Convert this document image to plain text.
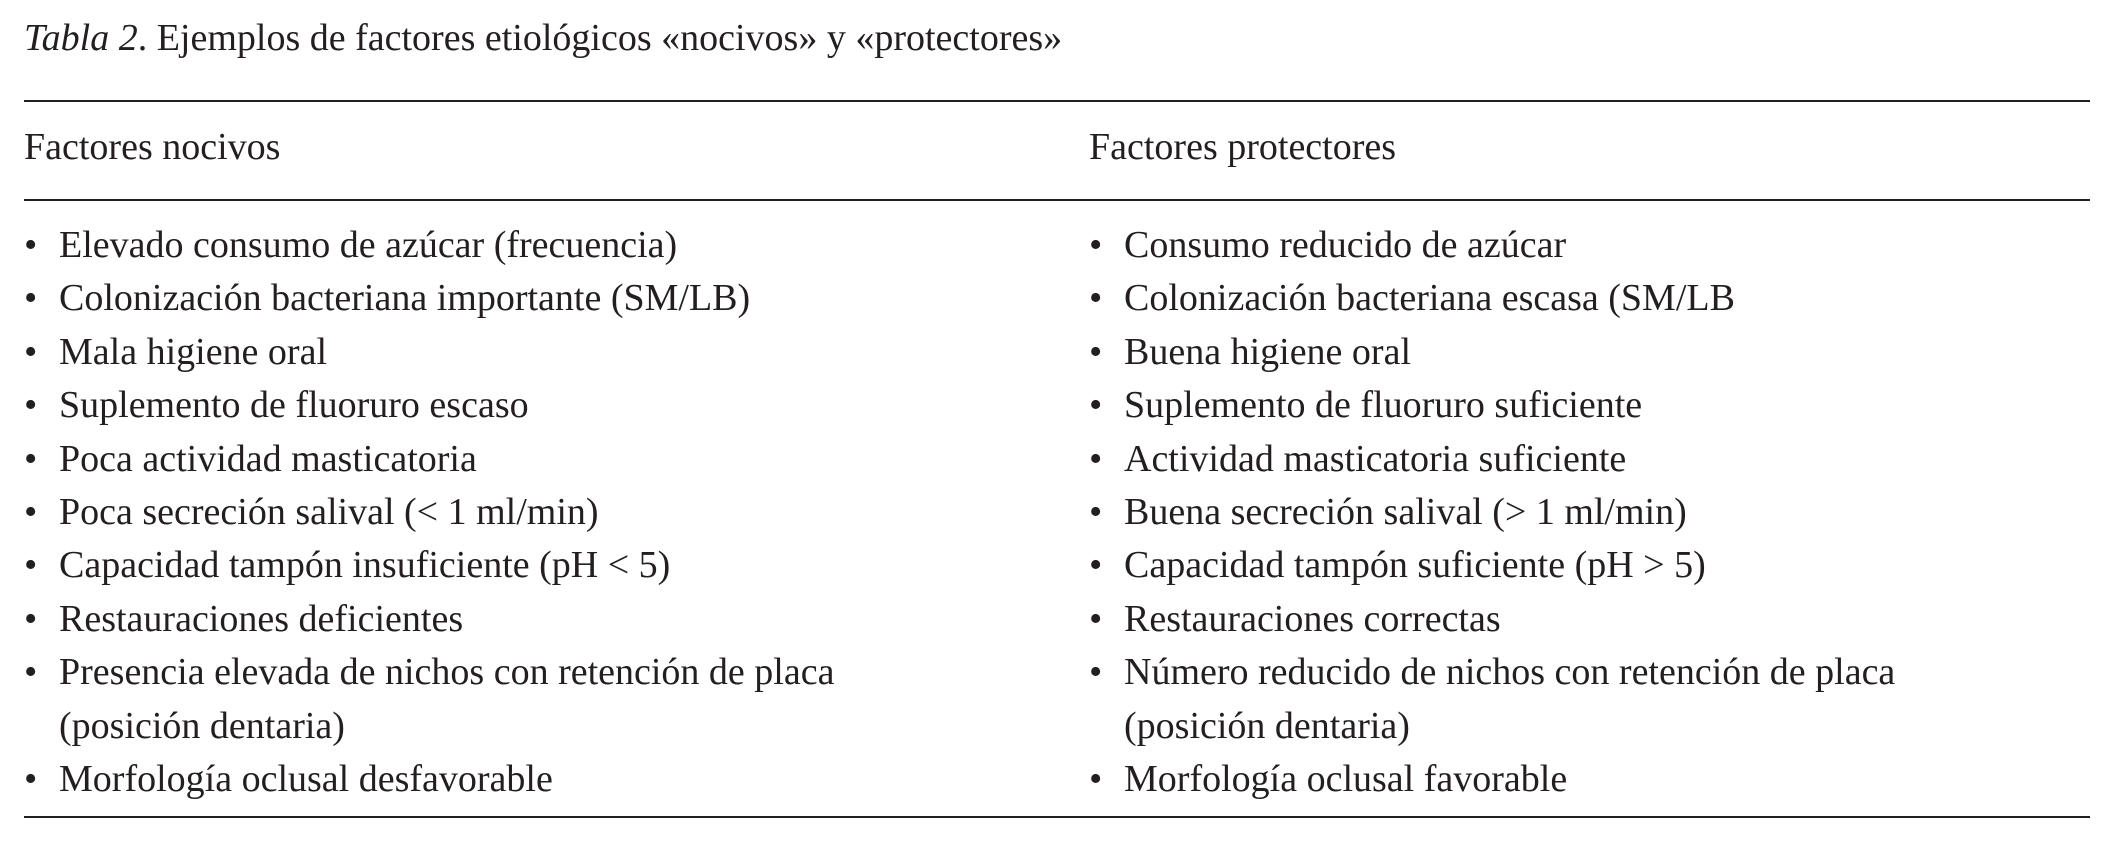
Tabla 2. Ejemplos de factores etiológicos «nocivos» y «protectores»
Factores nocivos	Factores protectores
• Elevado consumo de azúcar (frecuencia)
• Colonización bacteriana importante (SM/LB)
• Mala higiene oral
• Suplemento de fluoruro escaso
• Poca actividad masticatoria
• Poca secreción salival (< 1 ml/min)
• Capacidad tampón insuficiente (pH < 5)
• Restauraciones deficientes
• Presencia elevada de nichos con retención de placa
(posición dentaria)
• Morfología oclusal desfavorable
• Consumo reducido de azúcar
• Colonización bacteriana escasa (SM/LB
• Buena higiene oral
• Suplemento de fluoruro suficiente
• Actividad masticatoria suficiente
• Buena secreción salival (> 1 ml/min)
• Capacidad tampón suficiente (pH > 5)
• Restauraciones correctas
• Número reducido de nichos con retención de placa
(posición dentaria)
• Morfología oclusal favorable
